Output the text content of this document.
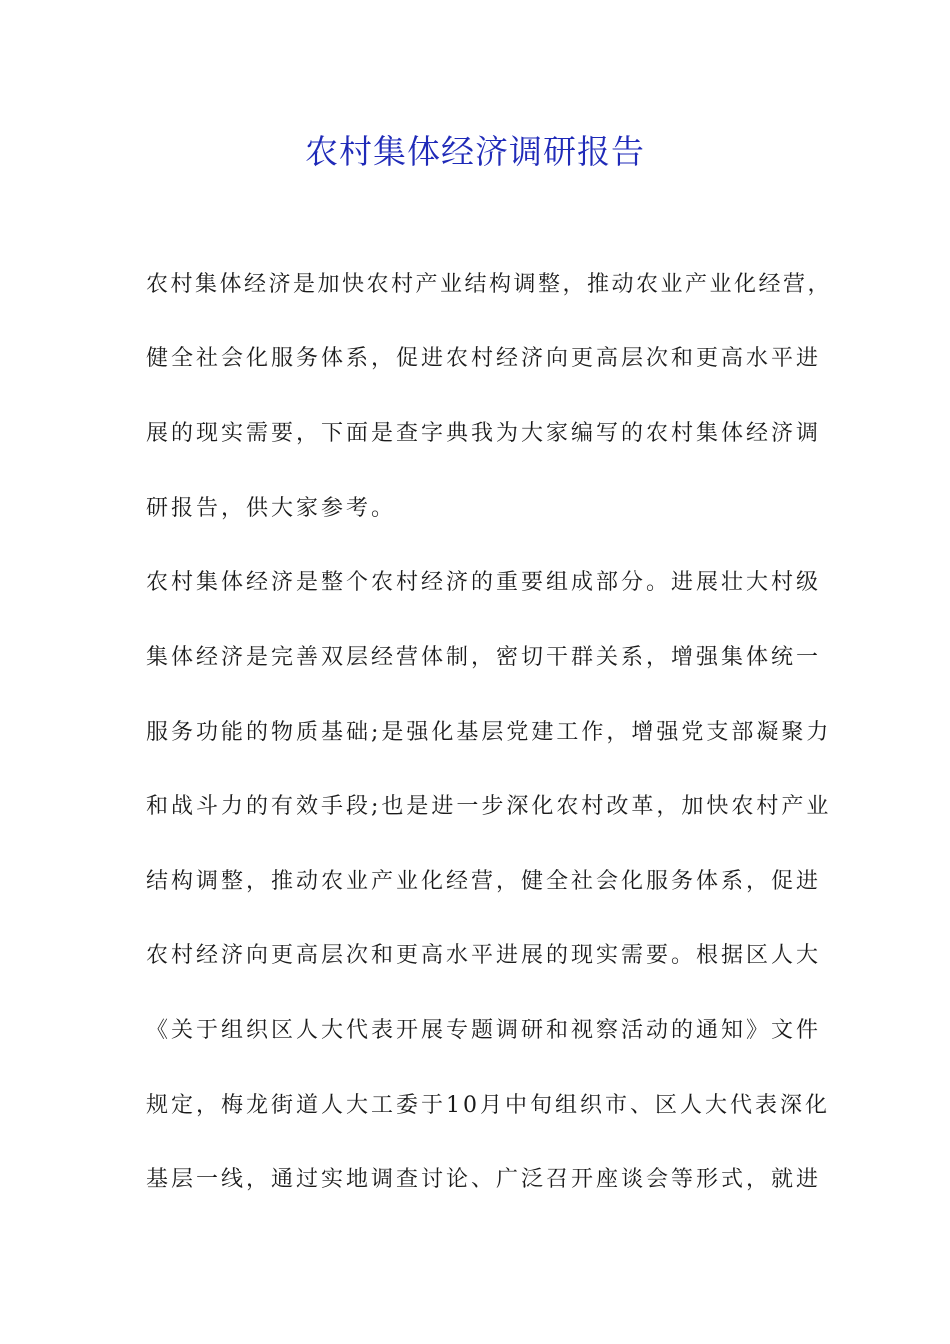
农村集体经济调研报告

农村集体经济是加快农村产业结构调整，推动农业产业化经营，

健全社会化服务体系，促进农村经济向更高层次和更高水平进

展的现实需要，下面是查字典我为大家编写的农村集体经济调

研报告，供大家参考。

农村集体经济是整个农村经济的重要组成部分。进展壮大村级

集体经济是完善双层经营体制，密切干群关系，增强集体统一

服务功能的物质基础;是强化基层党建工作，增强党支部凝聚力

和战斗力的有效手段;也是进一步深化农村改革，加快农村产业

结构调整，推动农业产业化经营，健全社会化服务体系，促进

农村经济向更高层次和更高水平进展的现实需要。根据区人大

《关于组织区人大代表开展专题调研和视察活动的通知》文件

规定，梅龙街道人大工委于10月中旬组织市、区人大代表深化

基层一线，通过实地调查讨论、广泛召开座谈会等形式，就进
